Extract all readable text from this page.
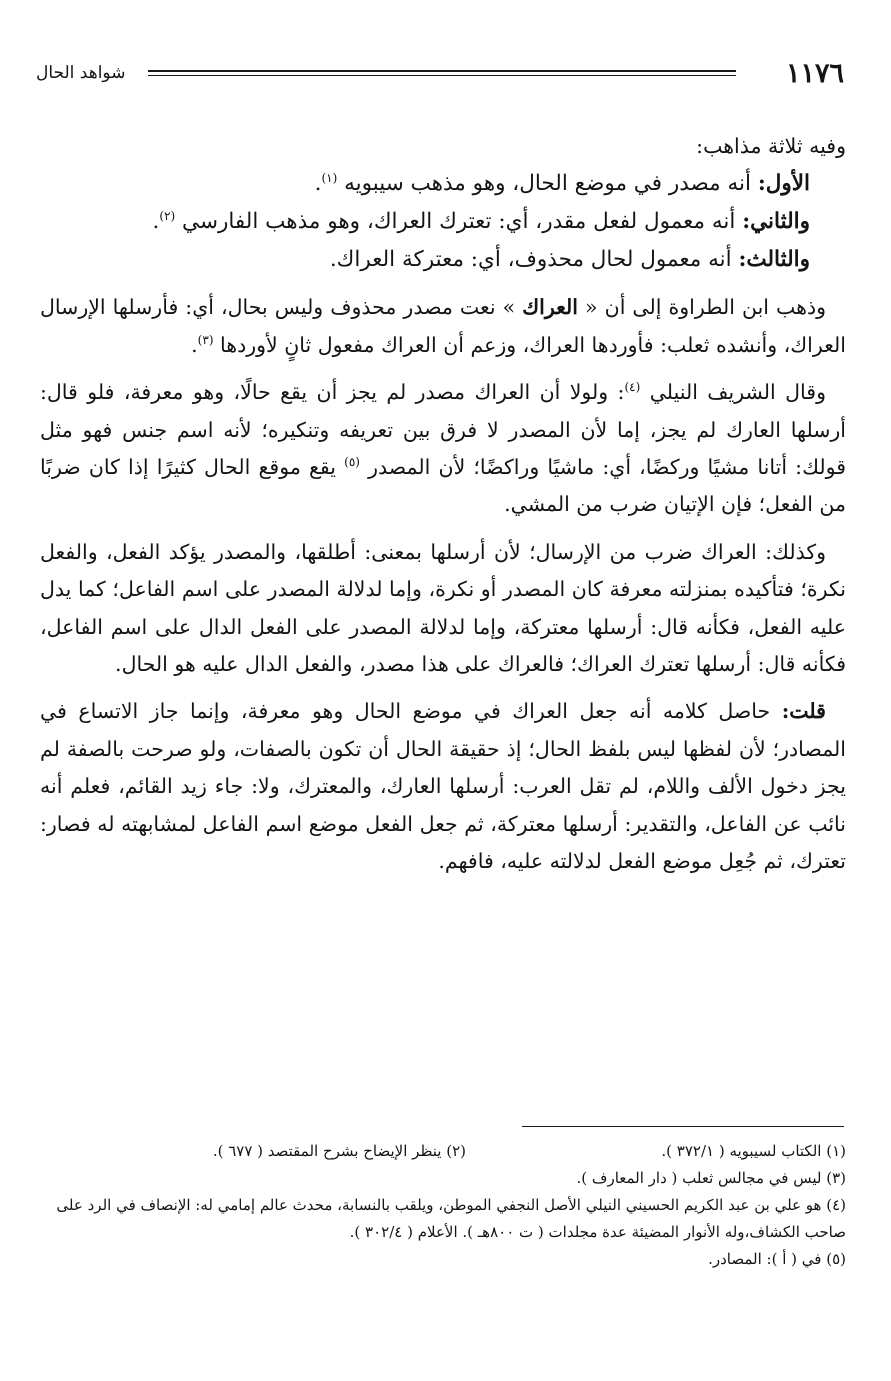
١١٧٦
شواهد الحال

وفيه ثلاثة مذاهب:

الأول: أنه مصدر في موضع الحال، وهو مذهب سيبويه $^{(١)}$.

والثاني: أنه معمول لفعل مقدر، أي: تعترك العراك، وهو مذهب الفارسي $^{(٢)}$.

والثالث: أنه معمول لحال محذوف، أي: معتركة العراك.

وذهب ابن الطراوة إلى أن « العراك » نعت مصدر محذوف وليس بحال، أي: فأرسلها الإرسال العراك، وأنشده ثعلب: فأوردها العراك، وزعم أن العراك مفعول ثانٍ لأوردها $^{(٣)}$.

وقال الشريف النيلي $^{(٤)}$: ولولا أن العراك مصدر لم يجز أن يقع حالًا، وهو معرفة، فلو قال: أرسلها العارك لم يجز، إما لأن المصدر لا فرق بين تعريفه وتنكيره؛ لأنه اسم جنس فهو مثل قولك: أتانا مشيًا وركضًا، أي: ماشيًا وراكضًا؛ لأن المصدر $^{(٥)}$ يقع موقع الحال كثيرًا إذا كان ضربًا من الفعل؛ فإن الإتيان ضرب من المشي.

وكذلك: العراك ضرب من الإرسال؛ لأن أرسلها بمعنى: أطلقها، والمصدر يؤكد الفعل، والفعل نكرة؛ فتأكيده بمنزلته معرفة كان المصدر أو نكرة، وإما لدلالة المصدر على اسم الفاعل؛ كما يدل عليه الفعل، فكأنه قال: أرسلها معتركة، وإما لدلالة المصدر على الفعل الدال على اسم الفاعل، فكأنه قال: أرسلها تعترك العراك؛ فالعراك على هذا مصدر، والفعل الدال عليه هو الحال.

قلت: حاصل كلامه أنه جعل العراك في موضع الحال وهو معرفة، وإنما جاز الاتساع في المصادر؛ لأن لفظها ليس بلفظ الحال؛ إذ حقيقة الحال أن تكون بالصفات، ولو صرحت بالصفة لم يجز دخول الألف واللام، لم تقل العرب: أرسلها العارك، والمعترك، ولا: جاء زيد القائم، فعلم أنه نائب عن الفاعل، والتقدير: أرسلها معتركة، ثم جعل الفعل موضع اسم الفاعل لمشابهته له فصار: تعترك، ثم جُعِل موضع الفعل لدلالته عليه، فافهم.

(١) الكتاب لسيبويه ( ٣٧٢/١ ).

(٢) ينظر الإيضاح بشرح المقتصد ( ٦٧٧ ).

(٣) ليس في مجالس ثعلب ( دار المعارف ).

(٤) هو علي بن عبد الكريم الحسيني النيلي الأصل النجفي الموطن، ويلقب بالنسابة، محدث عالم إمامي له: الإنصاف في الرد على صاحب الكشاف،وله الأنوار المضيئة عدة مجلدات ( ت ٨٠٠هـ ). الأعلام ( ٣٠٢/٤ ).

(٥) في ( أ ): المصادر.
